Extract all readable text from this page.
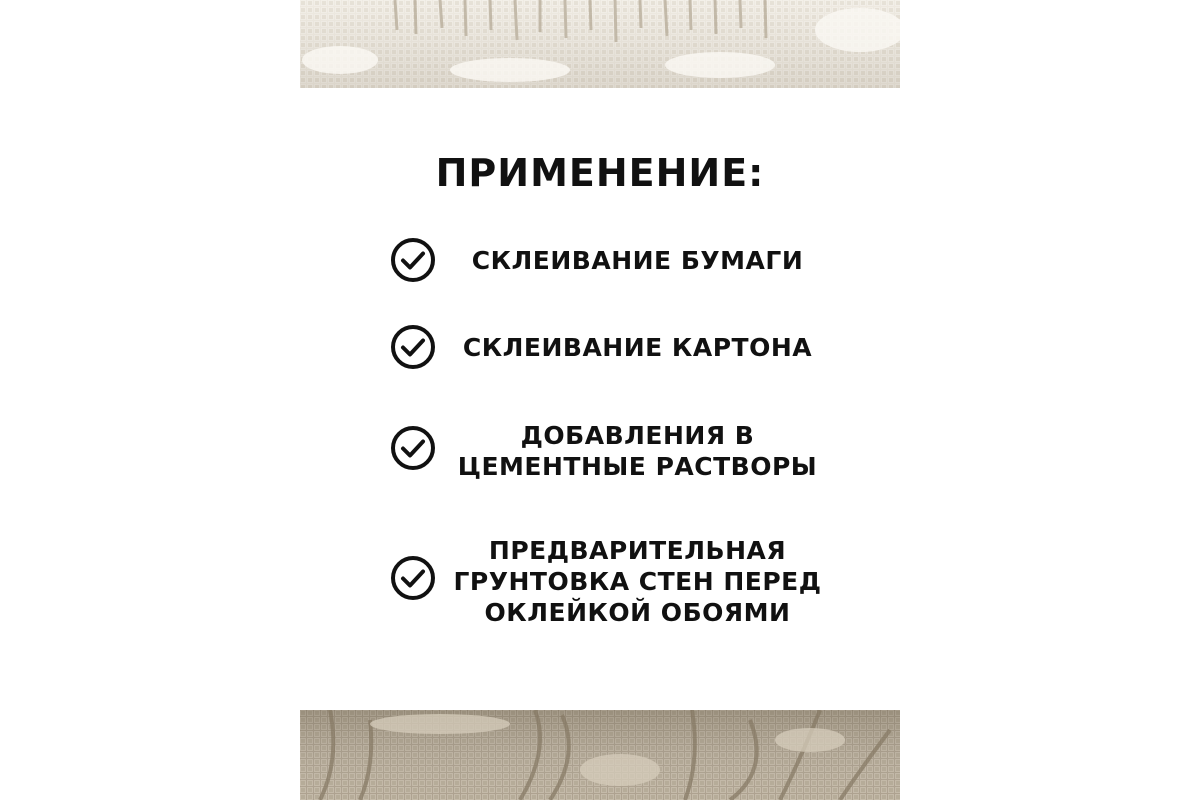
ПРИМЕНЕНИЕ:
СКЛЕИВАНИЕ БУМАГИ
СКЛЕИВАНИЕ КАРТОНА
ДОБАВЛЕНИЯ В
ЦЕМЕНТНЫЕ РАСТВОРЫ
ПРЕДВАРИТЕЛЬНАЯ
ГРУНТОВКА СТЕН ПЕРЕД
ОКЛЕЙКОЙ ОБОЯМИ
